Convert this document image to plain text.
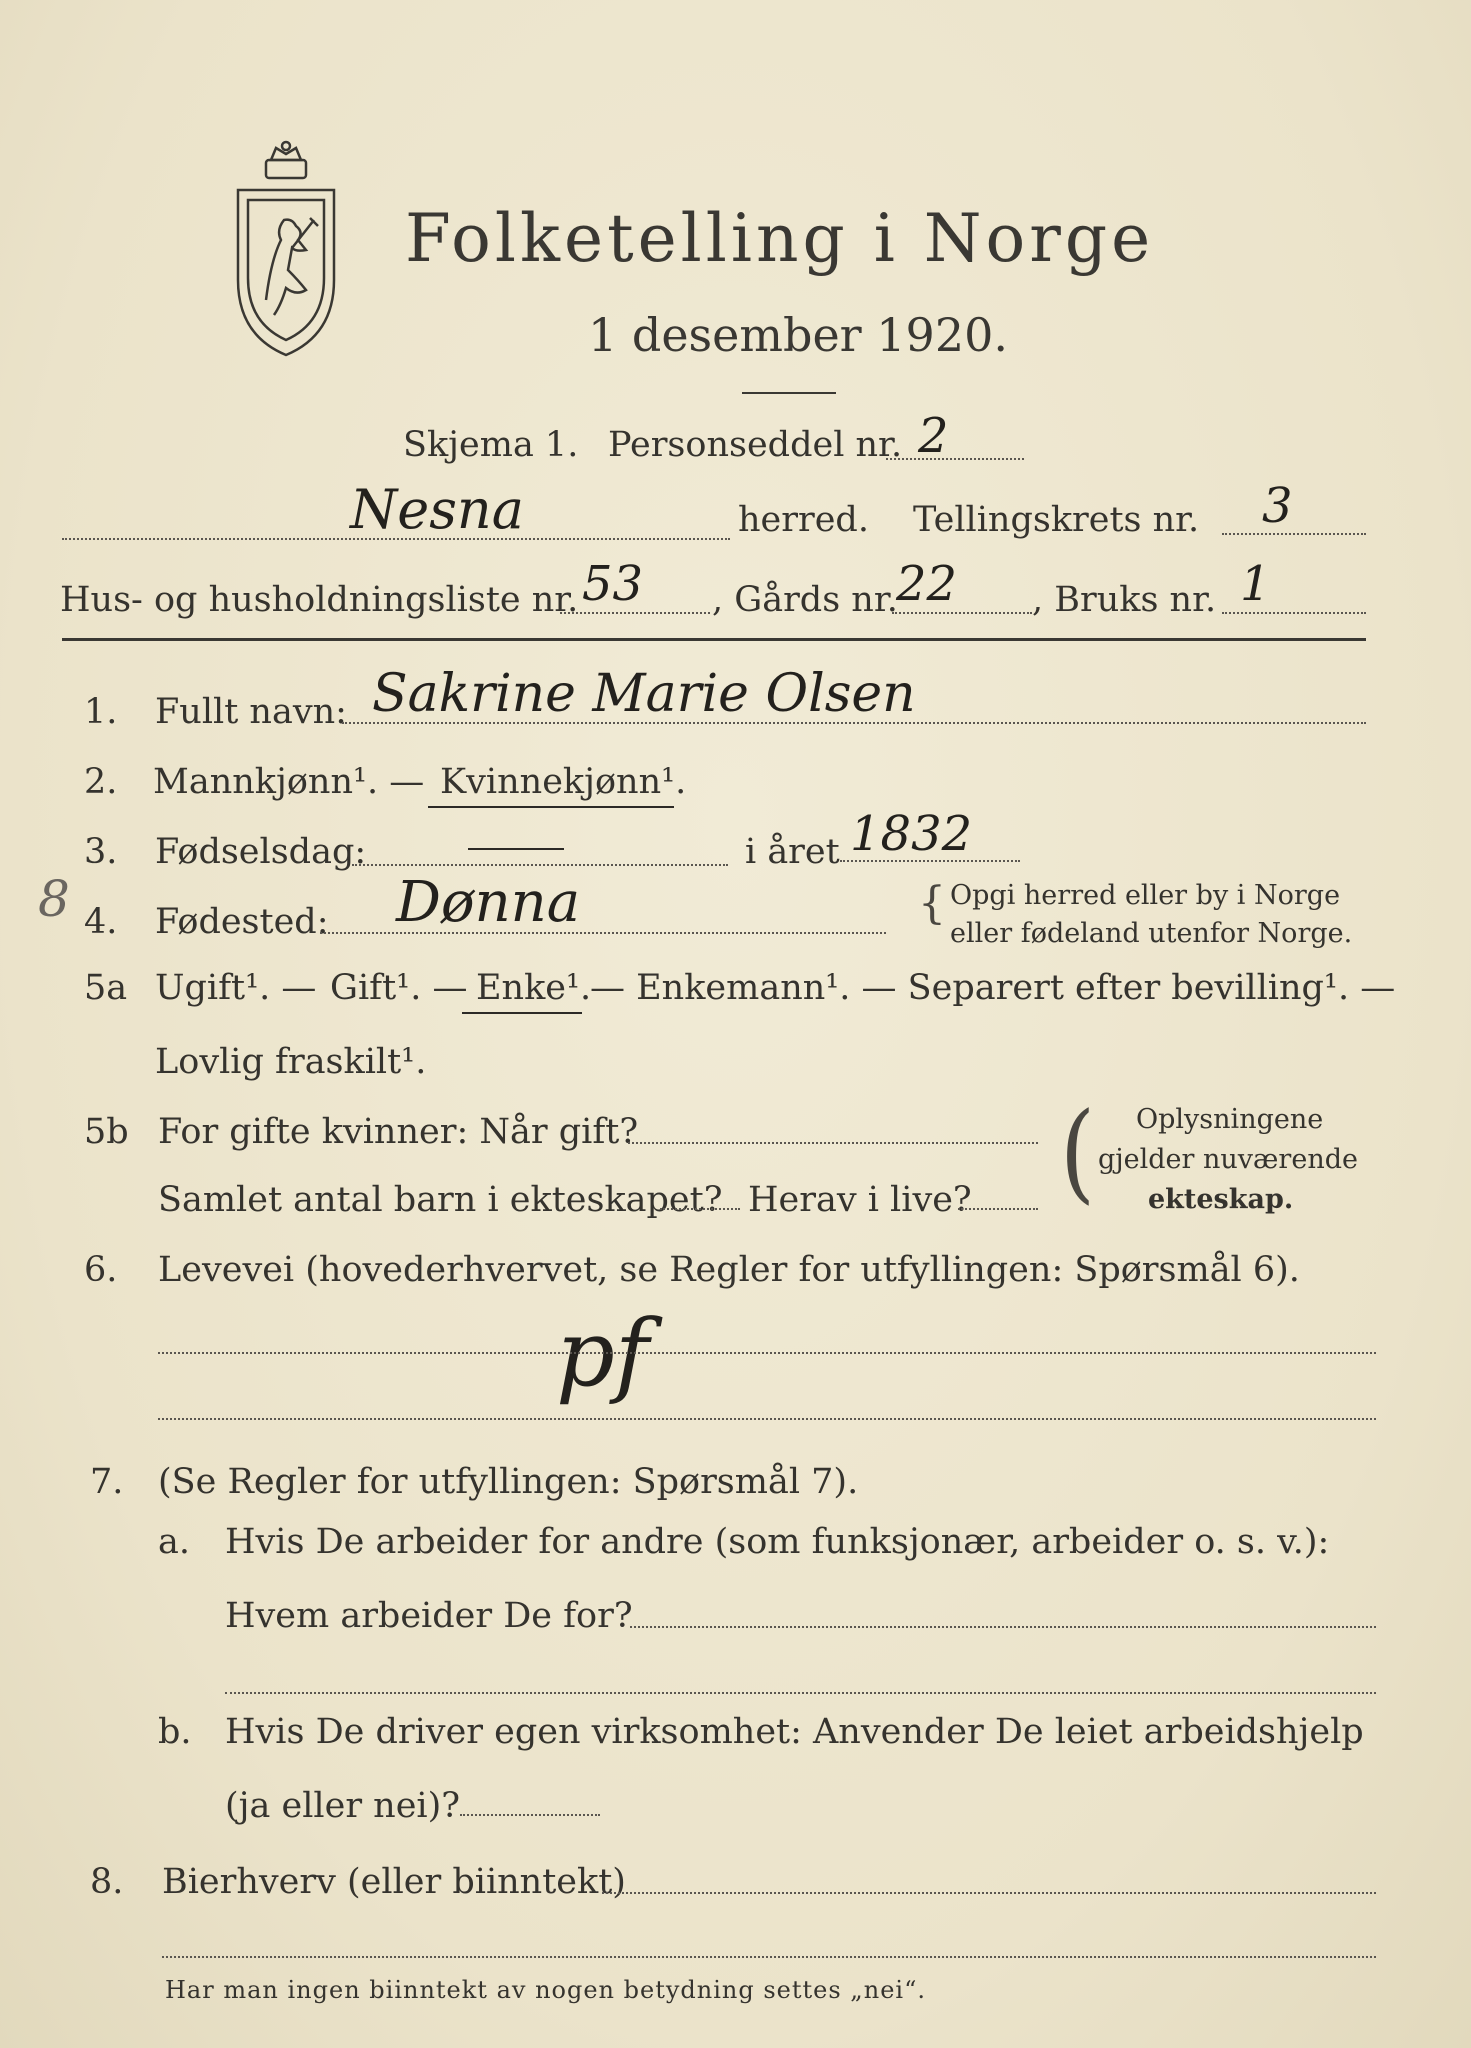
Folketelling i Norge
1 desember 1920.
Skjema 1. Personseddel nr. 2
Nesna	herred. Tellingskrets nr. 3
Hus- og husholdningsliste nr. 53 , Gårds nr.
22 , Bruks nr. 1
1. Fullt navn: Sakrine Marie Olsen
2. Mannkjønn¹. — Kvinnekjønn¹.
3. Fødselsdag:	i året 1832
8 4. Fødested: Dønna	{ Opgi herred eller by i Norge
eller fødeland utenfor Norge.
5a Ugift¹. — Gift¹. — Enke¹.
— Enkemann¹. — Separert efter bevilling¹. —
Lovlig fraskilt¹.
5b For gifte kvinner: Når gift?
Samlet antal barn i ekteskapet? Herav i live? ( Oplysningene
gjelder nuværende
ekteskap.
6. Levevei (hovederhvervet, se Regler for utfyllingen: Spørsmål 6).
pf
7. (Se Regler for utfyllingen: Spørsmål 7).
a. Hvis De arbeider for andre (som funksjonær, arbeider o. s. v.):
Hvem arbeider De for?
b. Hvis De driver egen virksomhet: Anvender De leiet arbeidshjelp
(ja eller nei)?
8. Bierhverv (eller biinntekt)
Har man ingen biinntekt av nogen betydning settes „nei“.
